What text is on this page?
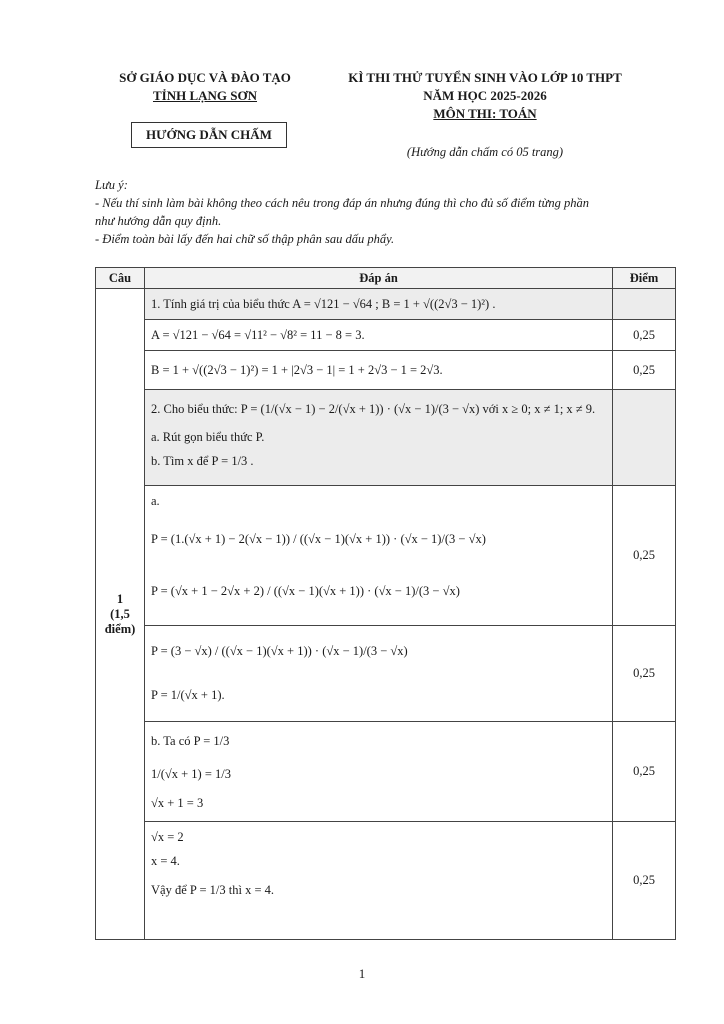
SỞ GIÁO DỤC VÀ ĐÀO TẠO
TỈNH LẠNG SƠN
HƯỚNG DẪN CHẤM
KÌ THI THỬ TUYỂN SINH VÀO LỚP 10 THPT
NĂM HỌC 2025-2026
MÔN THI: TOÁN
(Hướng dẫn chấm có 05 trang)
Lưu ý:
- Nếu thí sinh làm bài không theo cách nêu trong đáp án nhưng đúng thì cho đủ số điểm từng phần
như hướng dẫn quy định.
- Điểm toàn bài lấy đến hai chữ số thập phân sau dấu phẩy.
Câu	Đáp án	Điểm

1
(1,5
điểm)	1. Tính giá trị của biểu thức A = √121 − √64 ; B = 1 + √((2√3 − 1)²) .	

	A = √121 − √64 = √11² − √8² = 11 − 8 = 3.	0,25

	B = 1 + √((2√3 − 1)²) = 1 + |2√3 − 1| = 1 + 2√3 − 1 = 2√3.	0,25

	2. Cho biểu thức: P = (1/(√x − 1) − 2/(√x + 1)) · (√x − 1)/(3 − √x) với x ≥ 0; x ≠ 1; x ≠ 9.
a. Rút gọn biểu thức P.
b. Tìm x để P = 1/3 .	

	a.
P = (1.(√x + 1) − 2(√x − 1)) / ((√x − 1)(√x + 1)) · (√x − 1)/(3 − √x)
P = (√x + 1 − 2√x + 2) / ((√x − 1)(√x + 1)) · (√x − 1)/(3 − √x)	0,25

	P = (3 − √x) / ((√x − 1)(√x + 1)) · (√x − 1)/(3 − √x)
P = 1/(√x + 1).	0,25

	b. Ta có P = 1/3
1/(√x + 1) = 1/3
√x + 1 = 3	0,25

	√x = 2
x = 4.
Vậy để P = 1/3 thì x = 4.	0,25
1
